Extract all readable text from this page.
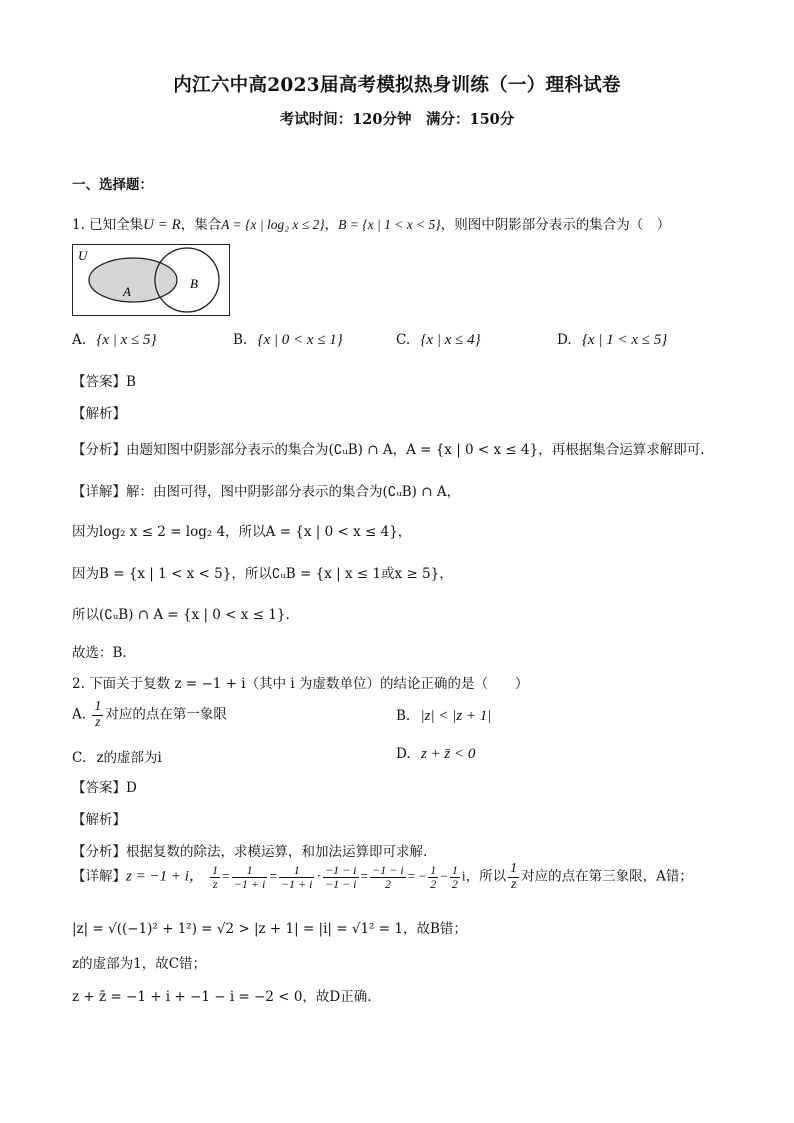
内江六中高2023届高考模拟热身训练（一）理科试卷
考试时间：120分钟　满分：150分
一、选择题：
1. 已知全集U = R，集合A = {x | log₂ x ≤ 2}，B = {x | 1 < x < 5}，则图中阴影部分表示的集合为（　）
U
A
B
A. {x | x ≤ 5}	B. {x | 0 < x ≤ 1}	C. {x | x ≤ 4}	D. {x | 1 < x ≤ 5}
【答案】B
【解析】
【分析】由题知图中阴影部分表示的集合为(∁ᵤB) ∩ A，A = {x | 0 < x ≤ 4}，再根据集合运算求解即可.
【详解】解：由图可得，图中阴影部分表示的集合为(∁ᵤB) ∩ A，
因为log₂ x ≤ 2 = log₂ 4，所以A = {x | 0 < x ≤ 4}，
因为B = {x | 1 < x < 5}，所以∁ᵤB = {x | x ≤ 1或x ≥ 5}，
所以(∁ᵤB) ∩ A = {x | 0 < x ≤ 1}.
故选：B.
2. 下面关于复数 z = −1 + i（其中 i 为虚数单位）的结论正确的是（　　）
A. $\frac{1}{z}$ 对应的点在第一象限	B. |z| < |z + 1|
C. z的虚部为i	D. z + z̄ < 0
【答案】D
【解析】
【分析】根据复数的除法，求模运算，和加法运算即可求解.
【详解】z = −1 + i， $\frac{1}{z} = \frac{1}{-1 + i} = \frac{1}{-1 + i} \cdot \frac{-1 - i}{-1 - i} = \frac{-1 - i}{2}$ = − $\frac{1}{2} - \frac{1}{2}$ i，所以 $\frac{1}{z}$ 对应的点在第三象限，A错；
|z| = √((−1)² + 1²) = √2 > |z + 1| = |i| = √1² = 1，故B错；
z的虚部为1，故C错；
z + z̄ = −1 + i + −1 − i = −2 < 0，故D正确.
